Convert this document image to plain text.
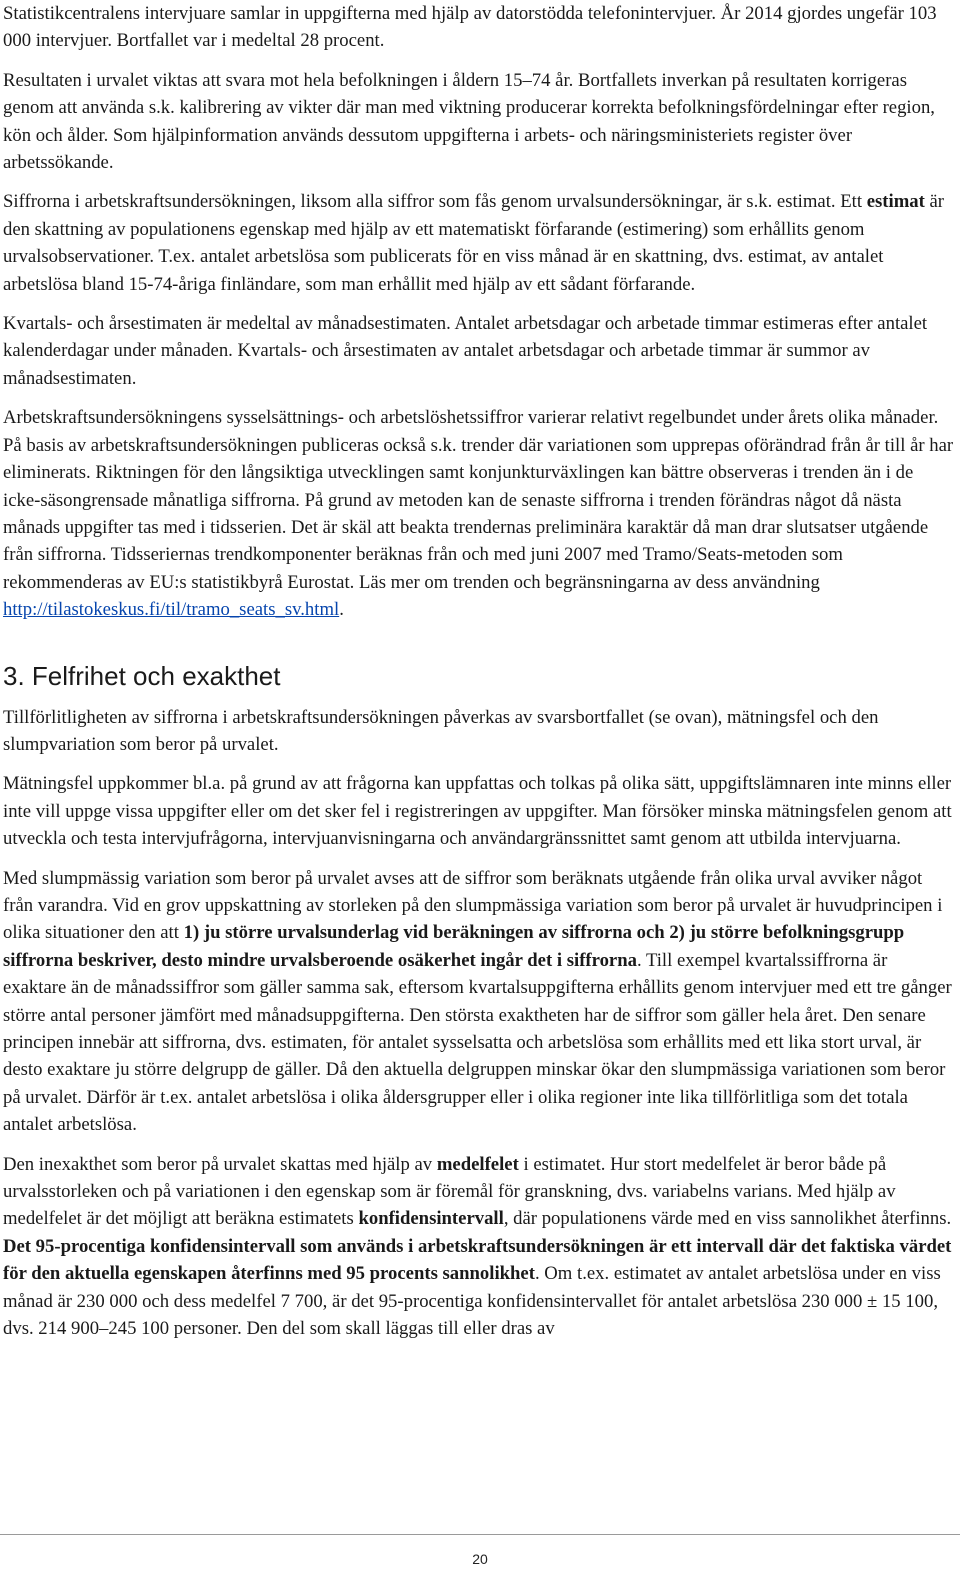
Statistikcentralens intervjuare samlar in uppgifterna med hjälp av datorstödda telefonintervjuer. År 2014 gjordes ungefär 103 000 intervjuer. Bortfallet var i medeltal 28 procent.

Resultaten i urvalet viktas att svara mot hela befolkningen i åldern 15–74 år. Bortfallets inverkan på resultaten korrigeras genom att använda s.k. kalibrering av vikter där man med viktning producerar korrekta befolkningsfördelningar efter region, kön och ålder. Som hjälpinformation används dessutom uppgifterna i arbets- och näringsministeriets register över arbetssökande.

Siffrorna i arbetskraftsundersökningen, liksom alla siffror som fås genom urvalsundersökningar, är s.k. estimat. Ett estimat är den skattning av populationens egenskap med hjälp av ett matematiskt förfarande (estimering) som erhållits genom urvalsobservationer. T.ex. antalet arbetslösa som publicerats för en viss månad är en skattning, dvs. estimat, av antalet arbetslösa bland 15-74-åriga finländare, som man erhållit med hjälp av ett sådant förfarande.

Kvartals- och årsestimaten är medeltal av månadsestimaten. Antalet arbetsdagar och arbetade timmar estimeras efter antalet kalenderdagar under månaden. Kvartals- och årsestimaten av antalet arbetsdagar och arbetade timmar är summor av månadsestimaten.

Arbetskraftsundersökningens sysselsättnings- och arbetslöshetssiffror varierar relativt regelbundet under årets olika månader. På basis av arbetskraftsundersökningen publiceras också s.k. trender där variationen som upprepas oförändrad från år till år har eliminerats. Riktningen för den långsiktiga utvecklingen samt konjunkturväxlingen kan bättre observeras i trenden än i de icke-säsongrensade månatliga siffrorna. På grund av metoden kan de senaste siffrorna i trenden förändras något då nästa månads uppgifter tas med i tidsserien. Det är skäl att beakta trendernas preliminära karaktär då man drar slutsatser utgående från siffrorna. Tidsseriernas trendkomponenter beräknas från och med juni 2007 med Tramo/Seats-metoden som rekommenderas av EU:s statistikbyrå Eurostat. Läs mer om trenden och begränsningarna av dess användning http://tilastokeskus.fi/til/tramo_seats_sv.html.

3. Felfrihet och exakthet

Tillförlitligheten av siffrorna i arbetskraftsundersökningen påverkas av svarsbortfallet (se ovan), mätningsfel och den slumpvariation som beror på urvalet.

Mätningsfel uppkommer bl.a. på grund av att frågorna kan uppfattas och tolkas på olika sätt, uppgiftslämnaren inte minns eller inte vill uppge vissa uppgifter eller om det sker fel i registreringen av uppgifter. Man försöker minska mätningsfelen genom att utveckla och testa intervjufrågorna, intervjuanvisningarna och användargränssnittet samt genom att utbilda intervjuarna.

Med slumpmässig variation som beror på urvalet avses att de siffror som beräknats utgående från olika urval avviker något från varandra. Vid en grov uppskattning av storleken på den slumpmässiga variation som beror på urvalet är huvudprincipen i olika situationer den att 1) ju större urvalsunderlag vid beräkningen av siffrorna och 2) ju större befolkningsgrupp siffrorna beskriver, desto mindre urvalsberoende osäkerhet ingår det i siffrorna. Till exempel kvartalssiffrorna är exaktare än de månadssiffror som gäller samma sak, eftersom kvartalsuppgifterna erhållits genom intervjuer med ett tre gånger större antal personer jämfört med månadsuppgifterna. Den största exaktheten har de siffror som gäller hela året. Den senare principen innebär att siffrorna, dvs. estimaten, för antalet sysselsatta och arbetslösa som erhållits med ett lika stort urval, är desto exaktare ju större delgrupp de gäller. Då den aktuella delgruppen minskar ökar den slumpmässiga variationen som beror på urvalet. Därför är t.ex. antalet arbetslösa i olika åldersgrupper eller i olika regioner inte lika tillförlitliga som det totala antalet arbetslösa.

Den inexakthet som beror på urvalet skattas med hjälp av medelfelet i estimatet. Hur stort medelfelet är beror både på urvalsstorleken och på variationen i den egenskap som är föremål för granskning, dvs. variabelns varians. Med hjälp av medelfelet är det möjligt att beräkna estimatets konfidensintervall, där populationens värde med en viss sannolikhet återfinns. Det 95-procentiga konfidensintervall som används i arbetskraftsundersökningen är ett intervall där det faktiska värdet för den aktuella egenskapen återfinns med 95 procents sannolikhet. Om t.ex. estimatet av antalet arbetslösa under en viss månad är 230 000 och dess medelfel 7 700, är det 95-procentiga konfidensintervallet för antalet arbetslösa 230 000 ± 15 100, dvs. 214 900–245 100 personer. Den del som skall läggas till eller dras av

20
